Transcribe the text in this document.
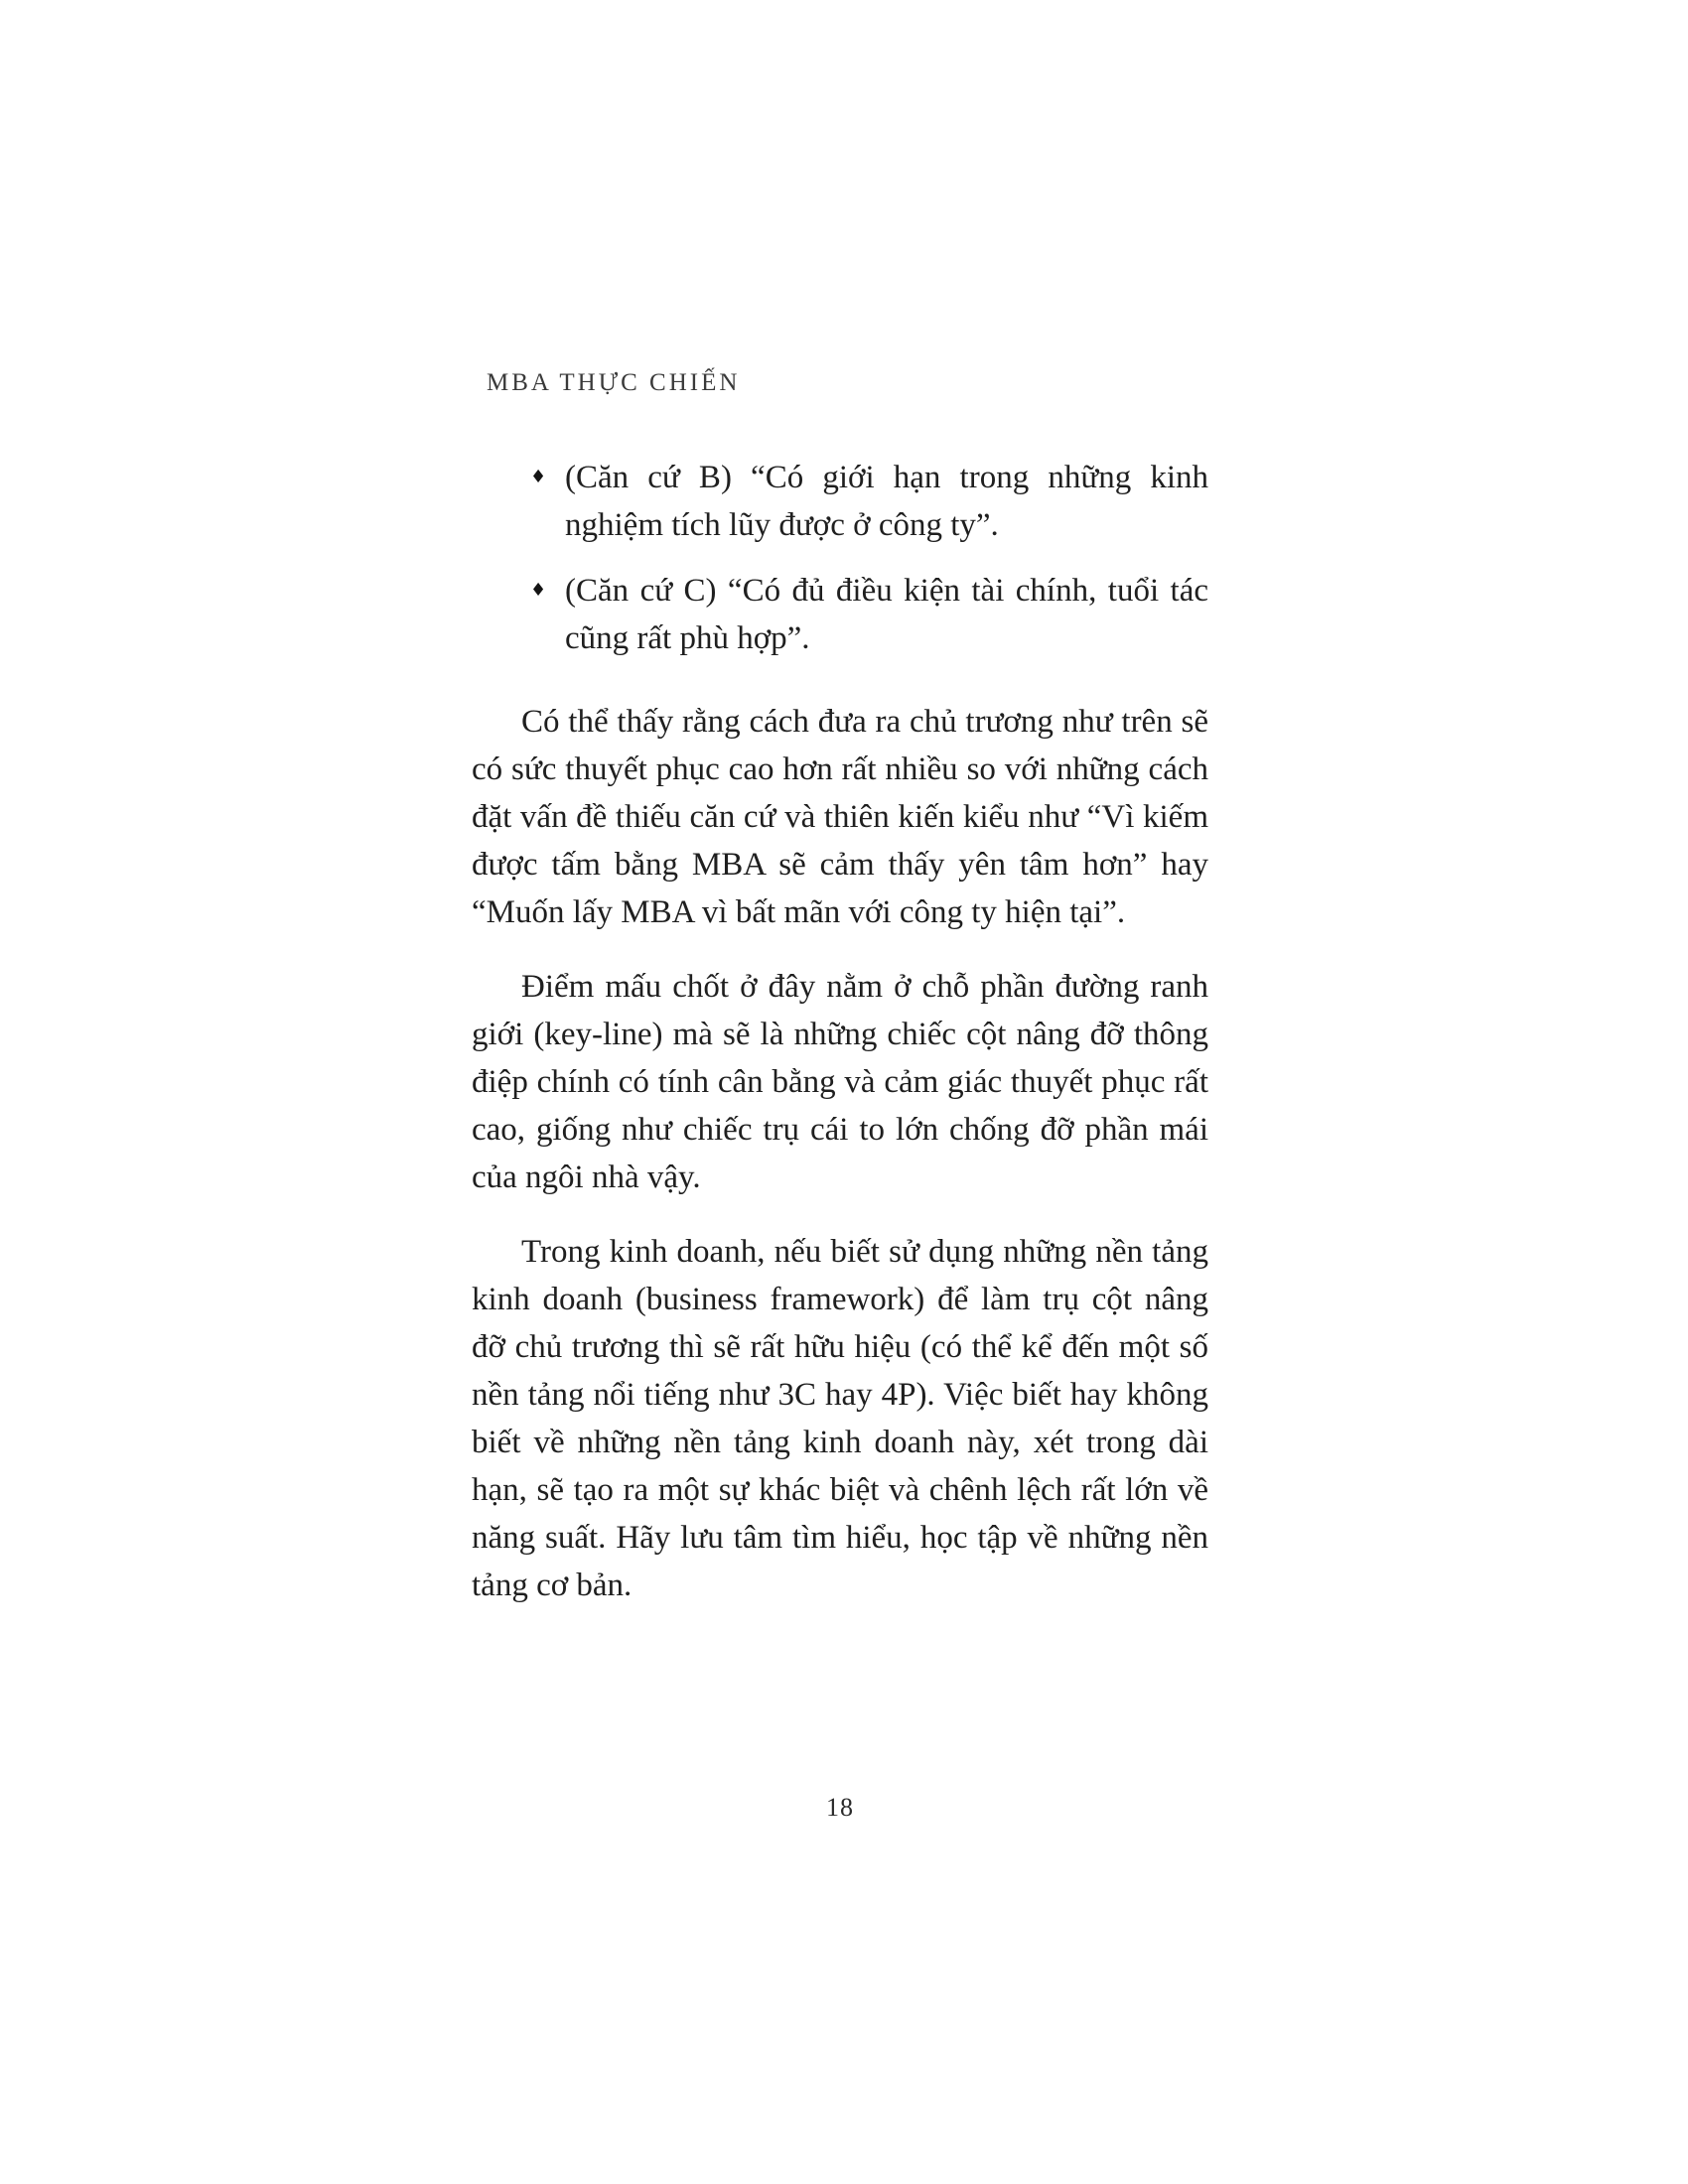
MBA THỰC CHIẾN
♦ (Căn cứ B) “Có giới hạn trong những kinh nghiệm tích lũy được ở công ty”.
♦ (Căn cứ C) “Có đủ điều kiện tài chính, tuổi tác cũng rất phù hợp”.

Có thể thấy rằng cách đưa ra chủ trương như trên sẽ có sức thuyết phục cao hơn rất nhiều so với những cách đặt vấn đề thiếu căn cứ và thiên kiến kiểu như “Vì kiếm được tấm bằng MBA sẽ cảm thấy yên tâm hơn” hay “Muốn lấy MBA vì bất mãn với công ty hiện tại”.

Điểm mấu chốt ở đây nằm ở chỗ phần đường ranh giới (key-line) mà sẽ là những chiếc cột nâng đỡ thông điệp chính có tính cân bằng và cảm giác thuyết phục rất cao, giống như chiếc trụ cái to lớn chống đỡ phần mái của ngôi nhà vậy.

Trong kinh doanh, nếu biết sử dụng những nền tảng kinh doanh (business framework) để làm trụ cột nâng đỡ chủ trương thì sẽ rất hữu hiệu (có thể kể đến một số nền tảng nổi tiếng như 3C hay 4P). Việc biết hay không biết về những nền tảng kinh doanh này, xét trong dài hạn, sẽ tạo ra một sự khác biệt và chênh lệch rất lớn về năng suất. Hãy lưu tâm tìm hiểu, học tập về những nền tảng cơ bản.

18
